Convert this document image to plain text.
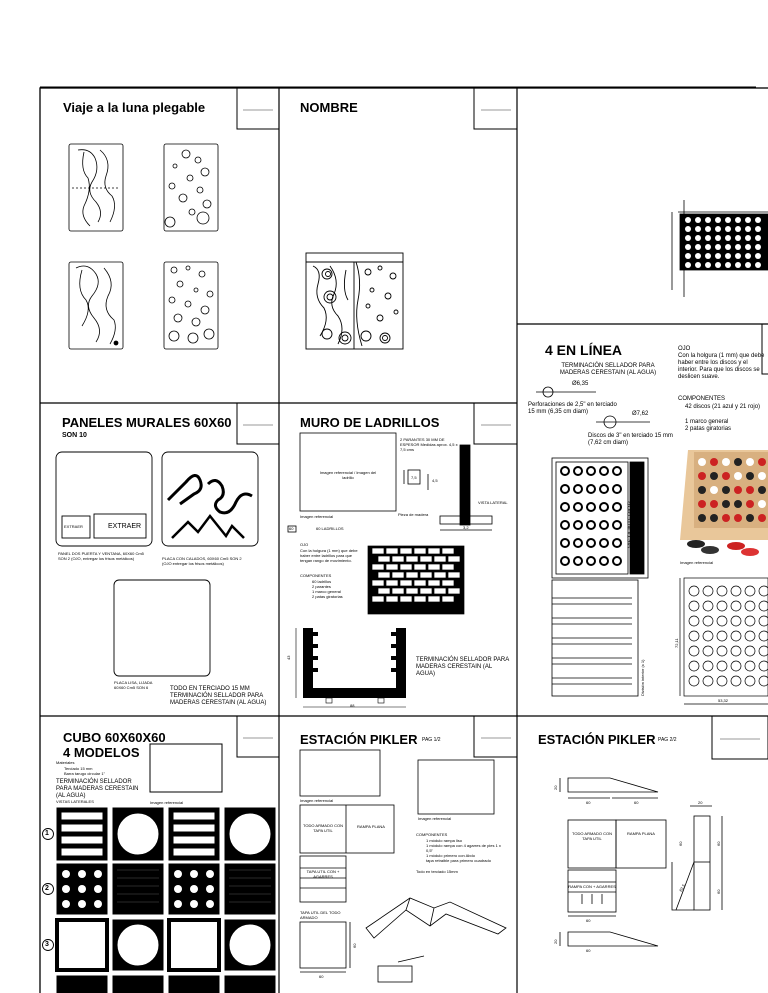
Viaje a la luna plegable	NOMBRE
4 EN LÍNEA
TERMINACIÓN SELLADOR PARA MADERAS CERESTAIN (AL AGUA)
Ø6,35
Perforaciones de 2,5" en terciado 15 mm (6,35 cm diam)	Ø7,62
Discos de 3" en terciado 15 mm (7,62 cm diam)
OJO
Con la holgura (1 mm) que debe haber entre los discos y el interior. Para que los discos se deslicen suave.
COMPONENTES
42 discos (21 azul y 21 rojo)
1 marco general
2 patas giratorias
VISTA INTERIOR
Imagen referencial
División interior (x 1)
72,11
53,32
PANELES MURALES 60X60
SON 10
EXTRAER	EXTRAER
PANEL DOS PUERTA Y VENTANA, 60X60 Cm5 SON 2 (OJO, entregar los frisos metálicos)	PLACA CON CALADOS, 60X60 Cm5 SON 2 (OJO entregar los frisos metálicos)
PLACA LISA, LIJADA 60X60 Cm5 SON 6	TODO EN TERCIADO 15 MM TERMINACIÓN SELLADOR PARA MADERAS CERESTAIN (AL AGUA)
MURO DE LADRILLOS
Imagen referencial / Imagen del ladrillo
Imagen referencial
2 PARANTES 30 MM DE ESPESOR Medidas aprox. 4,5 x 7,5 cms
7,5
4,5
VISTA LATERAL
Pieza de madera
3,2
60	60 LADRILLOS
OJO
Con la holgura (1 mm) que debe haber entre ladrillos para que tengan rango de movimiento.
COMPONENTES
60 ladrillos
2 parantes
1 marco general
2 patas giratorias
43
88
TERMINACIÓN SELLADOR PARA MADERAS CERESTAIN (AL AGUA)
CUBO 60X60X60
4 MODELOS
Materiales
Terciado 15 mm
Barra tarugo circular 1"
TERMINACIÓN SELLADOR PARA MADERAS CERESTAIN (AL AGUA)
Imagen referencial
VISTAS LATERALES
1
2
3
ESTACIÓN PIKLER PAG 1/2
Imagen referencial
Imagen referencial
TODO ARMADO CON TAPA UTIL
RAMPA PLANA
TAPA UTIL CON + AGARRES
COMPONENTES
1 módulo rampa liso
1 módulo rampa con 4 agarres de pies 1 x 0,5"
1 módulo primero con Abdo
tapa retraible para primero cuadrado
Todo en terciado 15mm
TAPA UTIL DEL TODO ARMADO
60
60
ESTACIÓN PIKLER PAG 2/2
TODO ARMADO CON TAPA UTIL
RAMPA PLANA
RAMPA CON + AGARRES
20
60	60	20
60	60
60
63,5
60
60
20
